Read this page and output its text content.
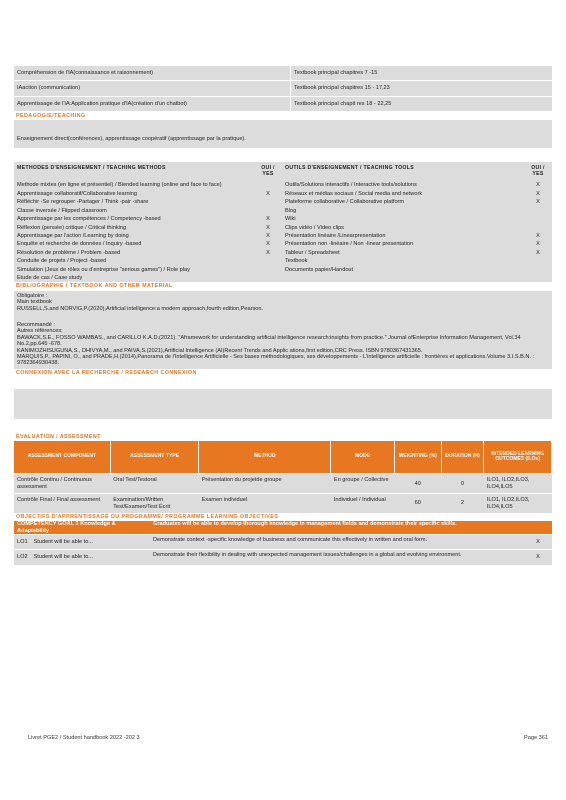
Compréhension de l'IA(connaissance et raisonnement)	Textbook principal chapitres 7 -15
IAaction (communication)	Textbook principal chapitres 15 - 17,23
Apprentissage de l'IA:Application pratique d'IA(création d'un chatbot)	Textbook principal chapit res 18 - 22,25
PEDAGOGIE/TEACHING
Enseignement direct(conférences), apprentissage coopératif (apprentissage par la pratique).
METHODES D'ENSEIGNEMENT / TEACHING METHODS	OUI / YES	OUTILS D'ENSEIGNEMENT / TEACHING TOOLS	OUI / YES
Methode mixtes (en ligne et présentiel) / Blended learning (online and face to face)		Outils/Solutions interactifs / Interactive tools/solutions	X
Apprentissage collaboratif/Collaborative learning	X	Réseaux et médias sociaux / Social media and network	X
Réfléchir -Se regrouper -Partager / Think -pair -share		Plateforme collaborative / Collaborative platform	X
Classe inversée / Flipped classroom		Blog	
Apprentissage par les compétences / Competency -based	X	Wiki	
Réflexion (pensée) critique / Critical thinking	X	Clips vidéo / Video clips	
Apprentissage par l'action /Learning by doing	X	Présentation linéaire /Linearpresentation	X
Enquête et recherche de données / Inquiry -based	X	Présentation non -linéaire / Non -linear presentation	X
Résolution de problème / Problem -based	X	Tableur / Spreadsheet	X
Conduite de projets / Project -based		Textbook	
Simulation (Jeux de rôles ou d'entreprise "serious games") / Role play		Documents papier/Handout	
Etude de cas / Case study			
BIBLIOGRAPHIE / TEXTBOOK AND OTHER MATERIAL
Obligatoire :
Main textbook
RUSSELL,S.and NORVIG,P.(2020),Artificial intelligence:a modern approach,fourth edition,Pearson.
Recommandé :
Autres références:
BAWACK,S.E., FOSSO WAMBAS., and CARILLO K.A.D.(2021). "Aframework for understanding artificial intelligence research:insights from practice." Journal ofEnterprise Information Management, Vol.34 No.2,pp.645 -678.
KANIMOZHISUGUNA,S., DHIVYA,M., and PAIVA,S.(2021),Artificial Intelligence (AI)Recent Trends and Applic ations,first edition,CRC Press. ISBN 9780367431365.
MARQUIS,P., PAPINI, O., and PRADE,H.(2014),Panorama de l'Intelligence Artificielle - Ses bases méthodologiques, ses développements - L'intelligence artificielle : frontières et applications.Volume 3.I.S.B.N. : 9782364930438.
CONNEXION AVEC LA RECHERCHE / RESEARCH CONNEXION
EVALUATION / ASSESSMENT
ASSESSMENT COMPONENT	ASSESSMENT TYPE	METHOD	MODE	WEIGHTING (%)	DURATION (H)	INTENDED LEARNING OUTCOMES (ILOs)
Contrôle Continu / Continuous assessment	Oral Test/Testoral	Présentation du projetde groupe	En groupe / Collective	40	0	ILO1, ILO2,ILO3, ILO4,ILO5
Contrôle Final / Final assessment	Examination/Written Test/Examen/Test Écrit	Examen individuel	Individuel / Individual	60	2	ILO1, ILO2,ILO3, ILO4,ILO5
OBJECTIFS D'APPRENTISSAGE DU PROGRAMME/ PROGRAMME LEARNING OBJECTIVES
COMPETENCY GOAL 1 Knowledge & Adaptability	Graduates will be able to develop thorough knowledge in management fields and demonstrate their specific skills.	
LO1 Student will be able to...	Demonstrate context -specific knowledge of business and communicate this effectively in written and oral form.	X
LO2 Student will be able to...	Demonstrate their flexibility in dealing with unexpected management issues/challenges in a global and evolving environment.	X
Livret PGE2 / Student handbook 2022 -202 3	Page 361
